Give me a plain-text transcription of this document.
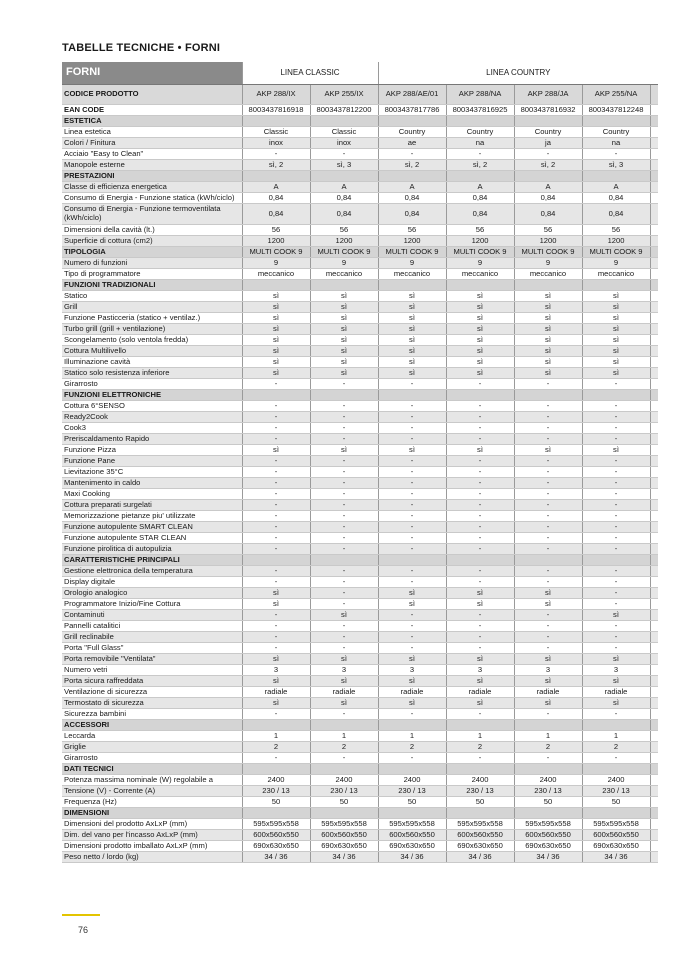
TABELLE TECNICHE • FORNI
FORNI	LINEA CLASSIC		LINEA COUNTRY				
CODICE PRODOTTO	AKP 288/IX	AKP 255/IX	AKP 288/AE/01	AKP 288/NA	AKP 288/JA	AKP 255/NA	
EAN CODE	8003437816918	8003437812200	8003437817786	8003437816925	8003437816932	8003437812248	
ESTETICA							
Linea estetica	Classic	Classic	Country	Country	Country	Country	
Colori / Finitura	inox	inox	ae	na	ja	na	
Acciaio "Easy to Clean"	-	-	-	-	-	-	
Manopole esterne	sì, 2	sì, 3	sì, 2	sì, 2	sì, 2	sì, 3	
PRESTAZIONI							
Classe di efficienza energetica	A	A	A	A	A	A	
Consumo di Energia - Funzione statica (kWh/ciclo)	0,84	0,84	0,84	0,84	0,84	0,84	
Consumo di Energia - Funzione termoventilata (kWh/ciclo)	0,84	0,84	0,84	0,84	0,84	0,84	
Dimensioni della cavità (lt.)	56	56	56	56	56	56	
Superficie di cottura (cm2)	1200	1200	1200	1200	1200	1200	
TIPOLOGIA	MULTI COOK 9	MULTI COOK 9	MULTI COOK 9	MULTI COOK 9	MULTI COOK 9	MULTI COOK 9	
Numero di funzioni	9	9	9	9	9	9	
Tipo di programmatore	meccanico	meccanico	meccanico	meccanico	meccanico	meccanico	
FUNZIONI TRADIZIONALI							
Statico	sì	sì	sì	sì	sì	sì	
Grill	sì	sì	sì	sì	sì	sì	
Funzione Pasticceria (statico + ventilaz.)	sì	sì	sì	sì	sì	sì	
Turbo grill (grill + ventilazione)	sì	sì	sì	sì	sì	sì	
Scongelamento (solo ventola fredda)	sì	sì	sì	sì	sì	sì	
Cottura Multilivello	sì	sì	sì	sì	sì	sì	
Illuminazione cavità	sì	sì	sì	sì	sì	sì	
Statico solo resistenza inferiore	sì	sì	sì	sì	sì	sì	
Girarrosto	-	-	-	-	-	-	
FUNZIONI ELETTRONICHE							
Cottura 6°SENSO	-	-	-	-	-	-	
Ready2Cook	-	-	-	-	-	-	
Cook3	-	-	-	-	-	-	
Preriscaldamento Rapido	-	-	-	-	-	-	
Funzione Pizza	sì	sì	sì	sì	sì	sì	
Funzione Pane	-	-	-	-	-	-	
Lievitazione 35°C	-	-	-	-	-	-	
Mantenimento in caldo	-	-	-	-	-	-	
Maxi Cooking	-	-	-	-	-	-	
Cottura preparati surgelati	-	-	-	-	-	-	
Memorizzazione pietanze piu' utilizzate	-	-	-	-	-	-	
Funzione autopulente SMART CLEAN	-	-	-	-	-	-	
Funzione autopulente STAR CLEAN	-	-	-	-	-	-	
Funzione pirolitica di autopulizia	-	-	-	-	-	-	
CARATTERISTICHE PRINCIPALI							
Gestione elettronica della temperatura	-	-	-	-	-	-	
Display digitale	-	-	-	-	-	-	
Orologio analogico	sì	-	sì	sì	sì	-	
Programmatore Inizio/Fine Cottura	sì	-	sì	sì	sì	-	
Contaminuti	-	sì	-	-	-	sì	
Pannelli catalitici	-	-	-	-	-	-	
Grill reclinabile	-	-	-	-	-	-	
Porta "Full Glass"	-	-	-	-	-	-	
Porta removibile "Ventilata"	sì	sì	sì	sì	sì	sì	
Numero vetri	3	3	3	3	3	3	
Porta sicura raffreddata	sì	sì	sì	sì	sì	sì	
Ventilazione di sicurezza	radiale	radiale	radiale	radiale	radiale	radiale	
Termostato di sicurezza	sì	sì	sì	sì	sì	sì	
Sicurezza bambini	-	-	-	-	-	-	
ACCESSORI							
Leccarda	1	1	1	1	1	1	
Griglie	2	2	2	2	2	2	
Girarrosto	-	-	-	-	-	-	
DATI TECNICI							
Potenza massima nominale (W) regolabile a	2400	2400	2400	2400	2400	2400	
Tensione (V) - Corrente (A)	230 / 13	230 / 13	230 / 13	230 / 13	230 / 13	230 / 13	
Frequenza (Hz)	50	50	50	50	50	50	
DIMENSIONI							
Dimensioni del prodotto AxLxP (mm)	595x595x558	595x595x558	595x595x558	595x595x558	595x595x558	595x595x558	
Dim. del vano per l'incasso AxLxP (mm)	600x560x550	600x560x550	600x560x550	600x560x550	600x560x550	600x560x550	
Dimensioni prodotto imballato AxLxP (mm)	690x630x650	690x630x650	690x630x650	690x630x650	690x630x650	690x630x650	
Peso netto / lordo (kg)	34 / 36	34 / 36	34 / 36	34 / 36	34 / 36	34 / 36	
76
